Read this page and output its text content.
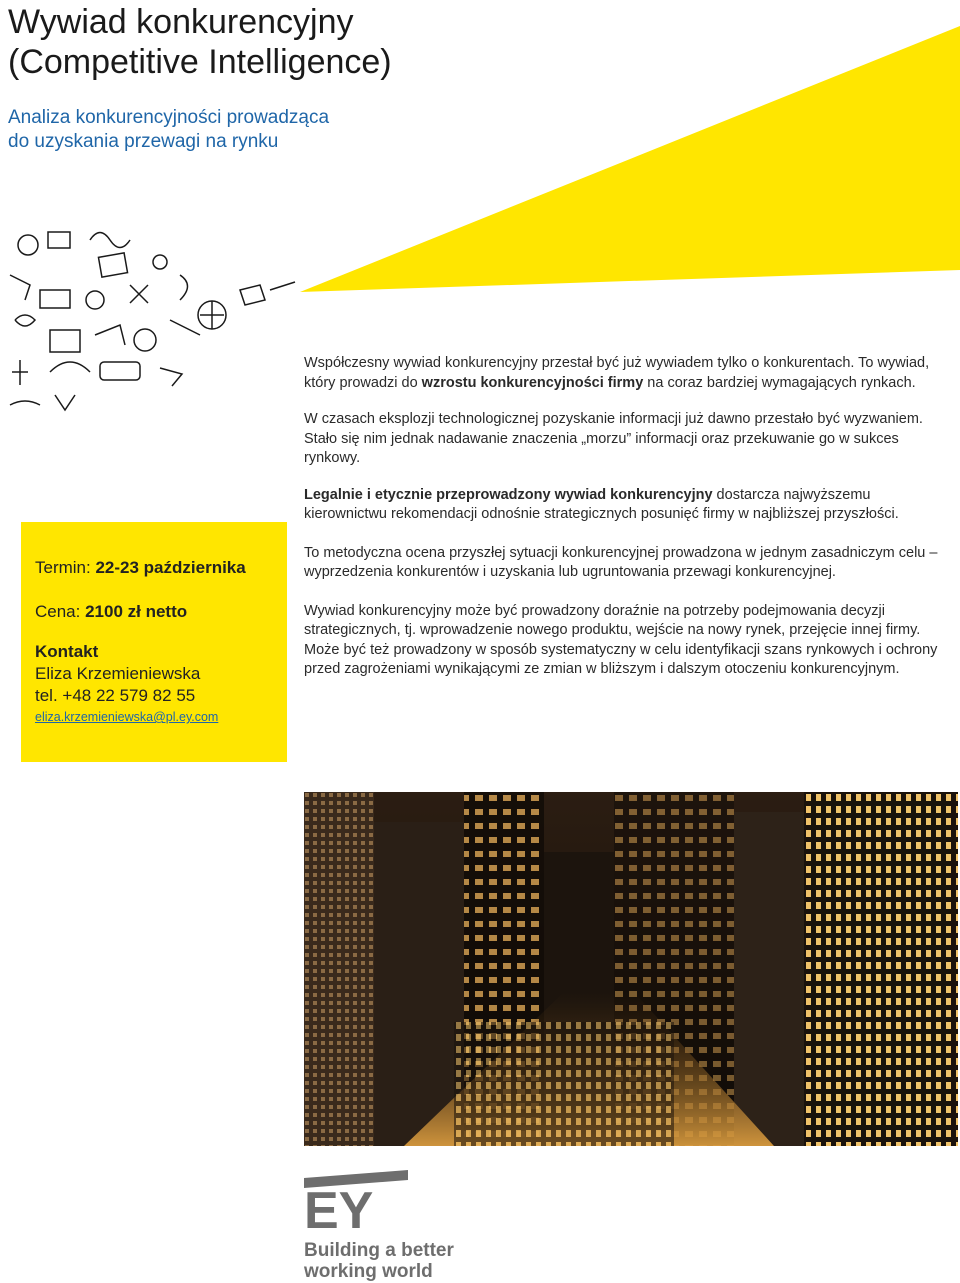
Wywiad konkurencyjny
(Competitive Intelligence)
Analiza konkurencyjności prowadząca
do uzyskania przewagi na rynku

Współczesny wywiad konkurencyjny przestał być już wywiadem tylko o konkurentach. To wywiad, który prowadzi do wzrostu konkurencyjności firmy na coraz bardziej wymagających rynkach.

W czasach eksplozji technologicznej pozyskanie informacji już dawno przestało być wyzwaniem. Stało się nim jednak nadawanie znaczenia „morzu” informacji oraz przekuwanie go w sukces rynkowy.

Legalnie i etycznie przeprowadzony wywiad konkurencyjny dostarcza najwyższemu kierownictwu rekomendacji odnośnie strategicznych posunięć firmy w najbliższej przyszłości.

To metodyczna ocena przyszłej sytuacji konkurencyjnej prowadzona w jednym zasadniczym celu – wyprzedzenia konkurentów i uzyskania lub ugruntowania przewagi konkurencyjnej.

Wywiad konkurencyjny może być prowadzony doraźnie na potrzeby podejmowania decyzji strategicznych, tj. wprowadzenie nowego produktu, wejście na nowy rynek, przejęcie innej firmy. Może być też prowadzony w sposób systematyczny w celu identyfikacji szans rynkowych i ochrony przed zagrożeniami wynikającymi ze zmian w bliższym i dalszym otoczeniu konkurencyjnym.

Termin: 22-23 października
Cena: 2100 zł netto
Kontakt
Eliza Krzemieniewska
tel. +48 22 579 82 55
eliza.krzemieniewska@pl.ey.com
EY
Building a better
working world
